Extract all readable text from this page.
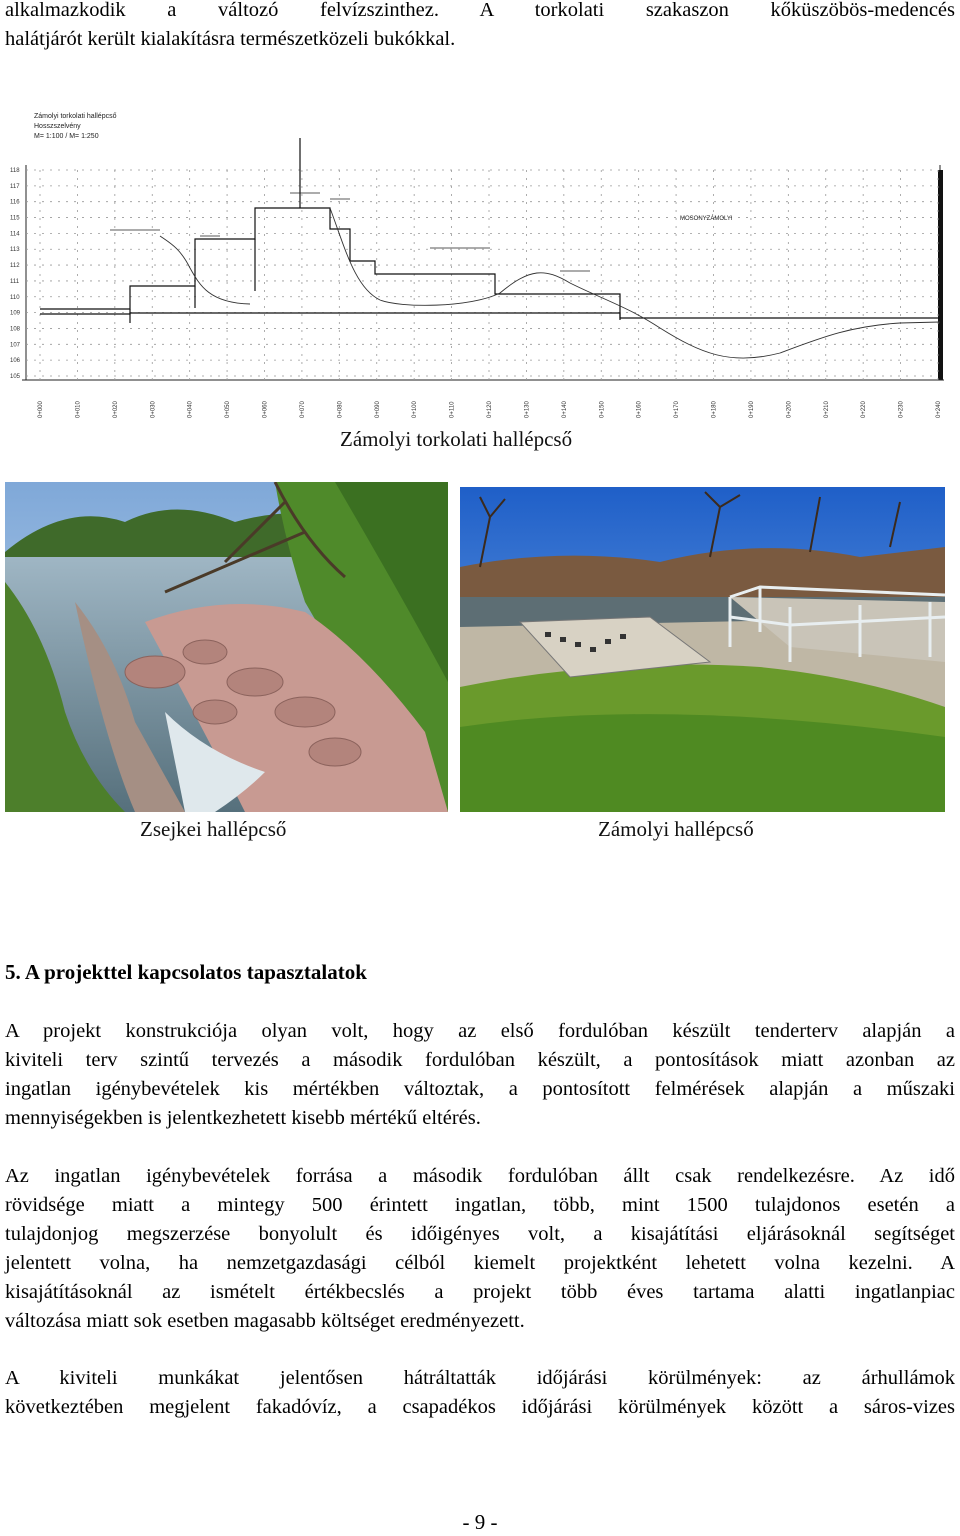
alkalmazkodik a változó felvízszinthez. A torkolati szakaszon kőküszöbös-medencés
halátjárót került kialakításra természetközeli bukókkal.
Zámolyi torkolati hallépcső
Hosszszelvény
M= 1:100 / M= 1:250
118
117
116
115
114
113
112
111
110
109
108
107
106
105
MOSONYZÁMOLYI
0+000	0+010	0+020	0+030	0+040	0+050	0+060	0+070	0+080	0+090	0+100	0+110	0+120	0+130	0+140	0+150	0+160	0+170	0+180	0+190	0+200	0+210	0+220	0+230	0+240
Zámolyi torkolati hallépcső
Zsejkei hallépcső	Zámolyi hallépcső
5. A projekttel kapcsolatos tapasztalatok
A projekt konstrukciója olyan volt, hogy az első fordulóban készült tenderterv alapján a
kiviteli terv szintű tervezés a második fordulóban készült, a pontosítások miatt azonban az
ingatlan igénybevételek kis mértékben változtak, a pontosított felmérések alapján a műszaki
mennyiségekben is jelentkezhetett kisebb mértékű eltérés.
Az ingatlan igénybevételek forrása a második fordulóban állt csak rendelkezésre. Az idő
rövidsége miatt a mintegy 500 érintett ingatlan, több, mint 1500 tulajdonos esetén a
tulajdonjog megszerzése bonyolult és időigényes volt, a kisajátítási eljárásoknál segítséget
jelentett volna, ha nemzetgazdasági célból kiemelt projektként lehetett volna kezelni. A
kisajátításoknál az ismételt értékbecslés a projekt több éves tartama alatti ingatlanpiac
változása miatt sok esetben magasabb költséget eredményezett.
A kiviteli munkákat jelentősen hátráltatták időjárási körülmények: az árhullámok
következtében megjelent fakadóvíz, a csapadékos időjárási körülmények között a sáros-vizes
- 9 -
